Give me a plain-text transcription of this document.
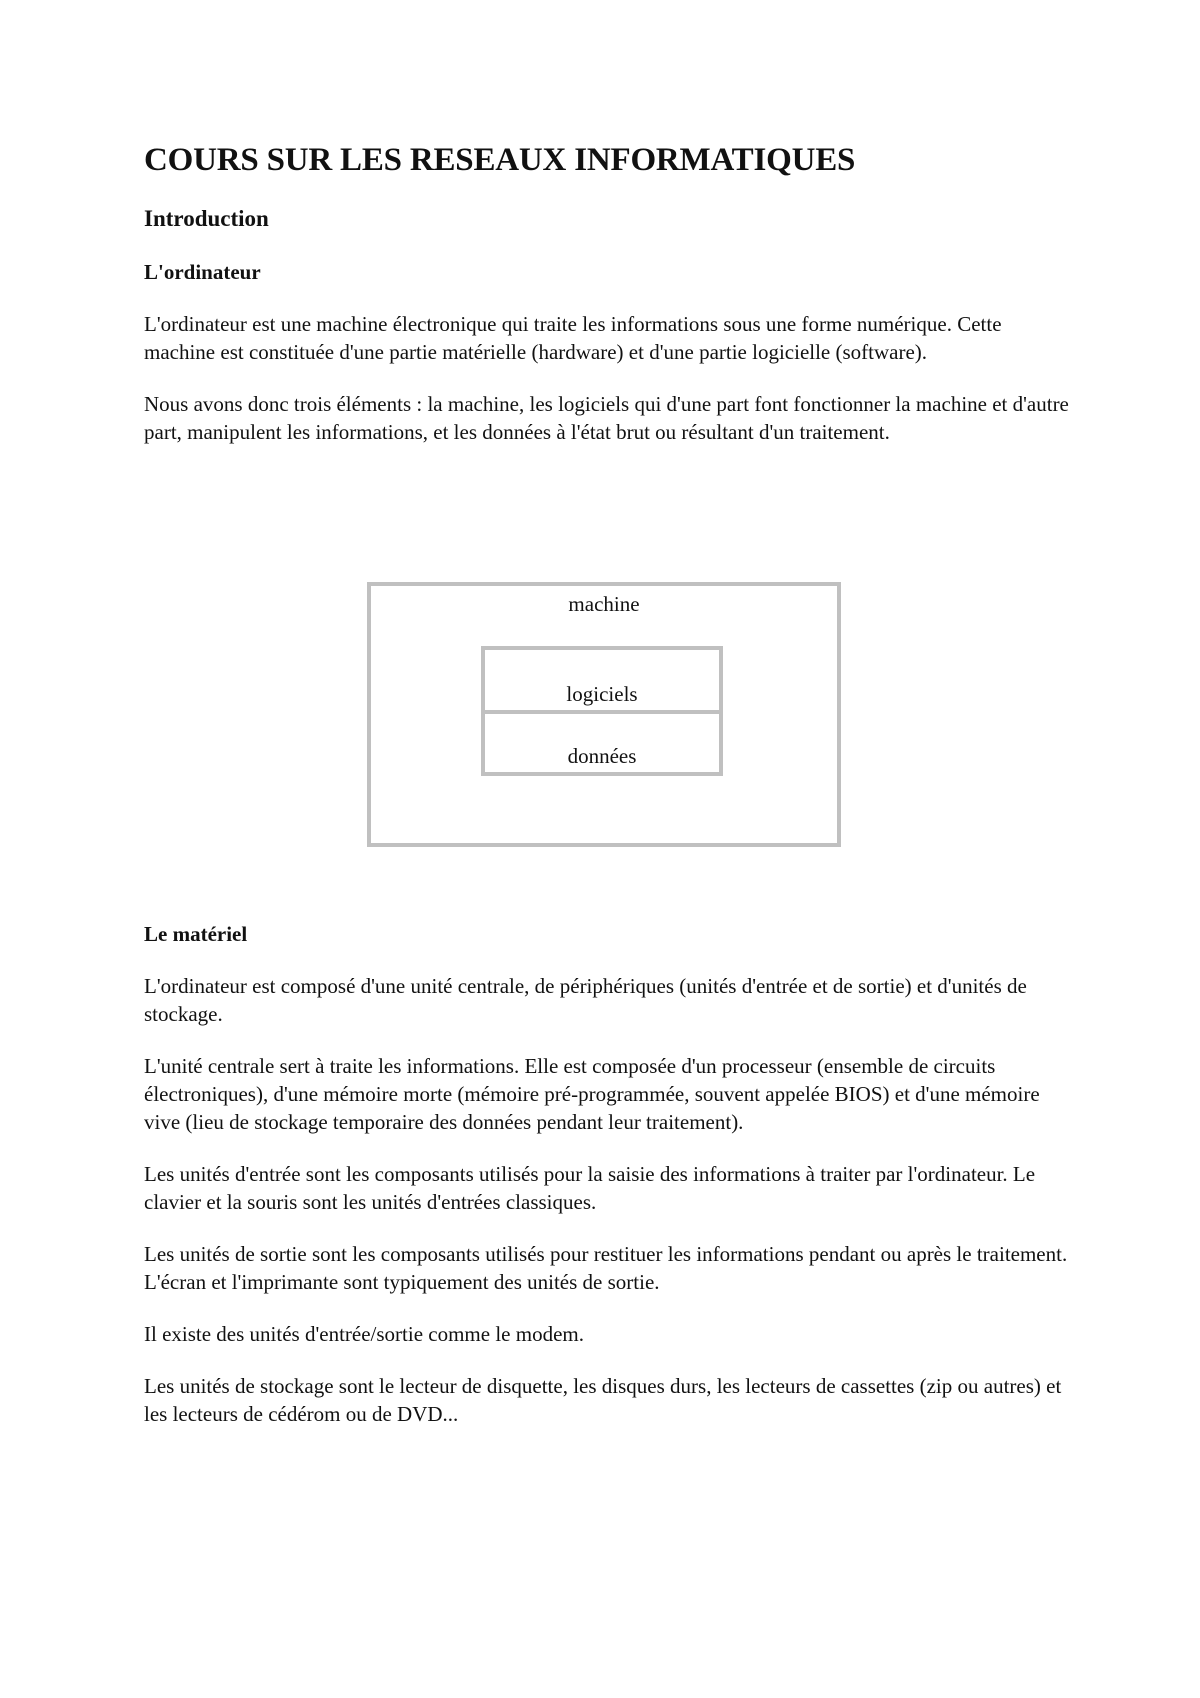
COURS SUR LES RESEAUX INFORMATIQUES
Introduction
L'ordinateur

L'ordinateur est une machine électronique qui traite les informations sous une forme numérique. Cette machine est constituée d'une partie matérielle (hardware) et d'une partie logicielle (software).

Nous avons donc trois éléments : la machine, les logiciels qui d'une part font fonctionner la machine et d'autre part, manipulent les informations, et les données à l'état brut ou résultant d'un traitement.

machine
logiciels
données
Le matériel

L'ordinateur est composé d'une unité centrale, de périphériques (unités d'entrée et de sortie) et d'unités de stockage.

L'unité centrale sert à traite les informations. Elle est composée d'un processeur (ensemble de circuits électroniques), d'une mémoire morte (mémoire pré-programmée, souvent appelée BIOS) et d'une mémoire vive (lieu de stockage temporaire des données pendant leur traitement).

Les unités d'entrée sont les composants utilisés pour la saisie des informations à traiter par l'ordinateur. Le clavier et la souris sont les unités d'entrées classiques.

Les unités de sortie sont les composants utilisés pour restituer les informations pendant ou après le traitement. L'écran et l'imprimante sont typiquement des unités de sortie.

Il existe des unités d'entrée/sortie comme le modem.

Les unités de stockage sont le lecteur de disquette, les disques durs, les lecteurs de cassettes (zip ou autres) et les lecteurs de cédérom ou de DVD...
